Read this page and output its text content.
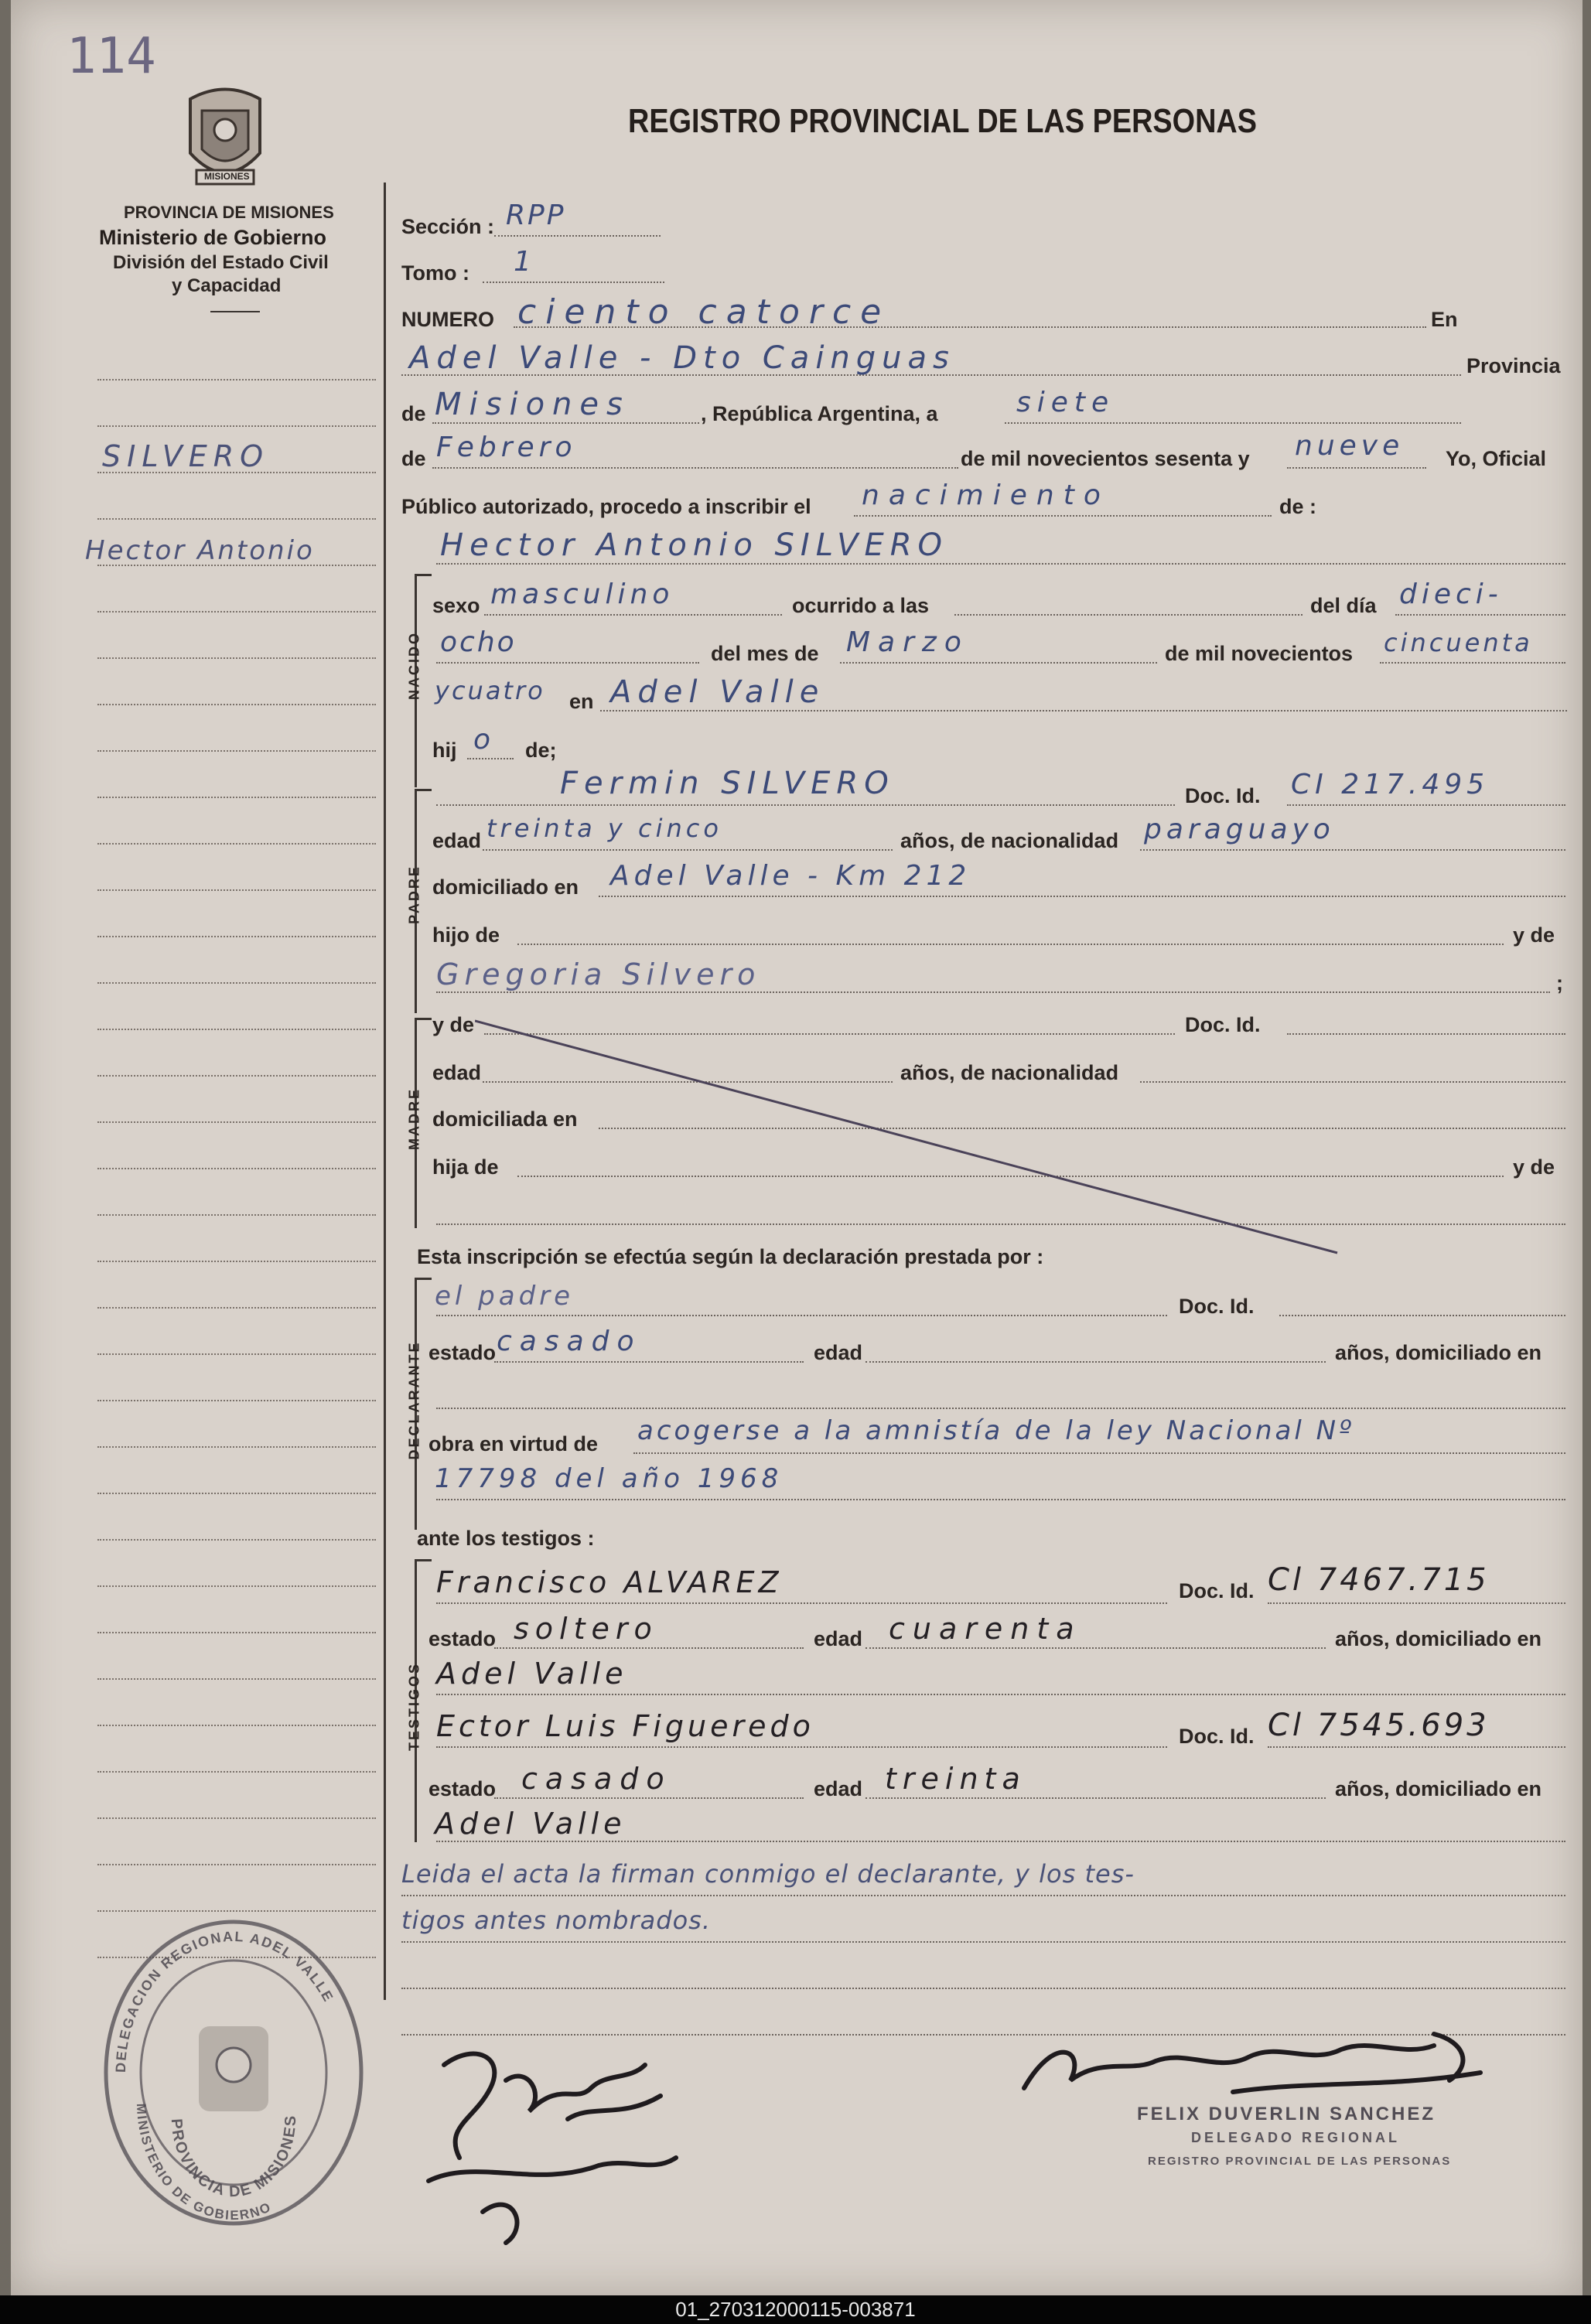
114
MISIONES
REGISTRO PROVINCIAL DE LAS PERSONAS
PROVINCIA DE MISIONES
Ministerio de Gobierno
División del Estado Civil
y Capacidad
SILVERO
Hector Antonio
NACIDO
PADRE
MADRE
DECLARANTE
TESTIGOS
Sección : RPP
Tomo : 1
NUMERO ciento catorce	En
Adel Valle - Dto Cainguas	Provincia
de Misiones	, República Argentina, a	siete
de Febrero	de mil novecientos sesenta y nueve Yo, Oficial
Público autorizado, procedo a inscribir el nacimiento	de :
Hector Antonio SILVERO
sexo masculino	ocurrido a las	del día dieci-
ocho	del mes de Marzo	de mil novecientos cincuenta
ycuatro en Adel Valle
hij o de;
Fermin SILVERO	Doc. Id. CI 217.495
edad treinta y cinco	años, de nacionalidad paraguayo
domiciliado en Adel Valle - Km 212
hijo de	y de
Gregoria Silvero	;
y de	Doc. Id.
edad	años, de nacionalidad
domiciliada en
hija de	y de
Esta inscripción se efectúa según la declaración prestada por :
el padre	Doc. Id.
estado casado	edad	años, domiciliado en
obra en virtud de acogerse a la amnistía de la ley Nacional Nº
17798 del año 1968
ante los testigos :
Francisco ALVAREZ	Doc. Id. Cl 7467.715
estado soltero	edad cuarenta	años, domiciliado en
Adel Valle
Ector Luis Figueredo	Doc. Id. Cl 7545.693
estado casado	edad treinta	años, domiciliado en
Adel Valle
Leida el acta la firman conmigo el declarante, y los tes-
tigos antes nombrados.
DELEGACION REGIONAL ADEL VALLE
PROVINCIA DE MISIONES
MINISTERIO DE GOBIERNO
FELIX DUVERLIN SANCHEZ
DELEGADO REGIONAL
REGISTRO PROVINCIAL DE LAS PERSONAS
01_270312000115-003871
